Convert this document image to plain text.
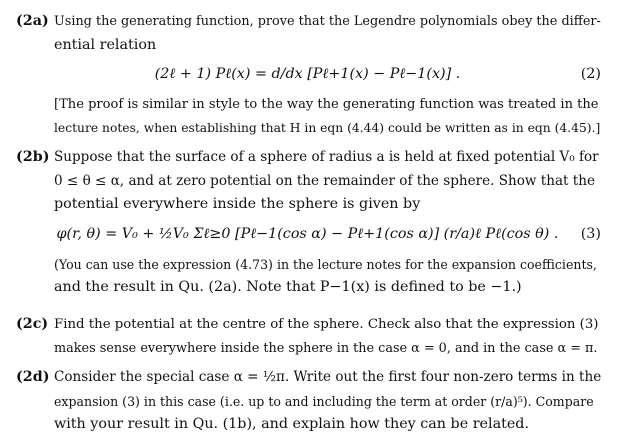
(2a) Using the generating function, prove that the Legendre polynomials obey the differ-
ential relation
(2ℓ + 1) Pℓ(x) = d/dx [Pℓ+1(x) − Pℓ−1(x)] .	(2)
[The proof is similar in style to the way the generating function was treated in the
lecture notes, when establishing that H in eqn (4.44) could be written as in eqn (4.45).]
(2b) Suppose that the surface of a sphere of radius a is held at fixed potential V₀ for
0 ≤ θ ≤ α, and at zero potential on the remainder of the sphere. Show that the
potential everywhere inside the sphere is given by
φ(r, θ) = V₀ + ½V₀ Σℓ≥0 [Pℓ−1(cos α) − Pℓ+1(cos α)] (r/a)ℓ Pℓ(cos θ) .	(3)
(You can use the expression (4.73) in the lecture notes for the expansion coefficients,
and the result in Qu. (2a). Note that P−1(x) is defined to be −1.)
(2c) Find the potential at the centre of the sphere. Check also that the expression (3)
makes sense everywhere inside the sphere in the case α = 0, and in the case α = π.
(2d) Consider the special case α = ½π. Write out the first four non-zero terms in the
expansion (3) in this case (i.e. up to and including the term at order (r/a)⁵). Compare
with your result in Qu. (1b), and explain how they can be related.
